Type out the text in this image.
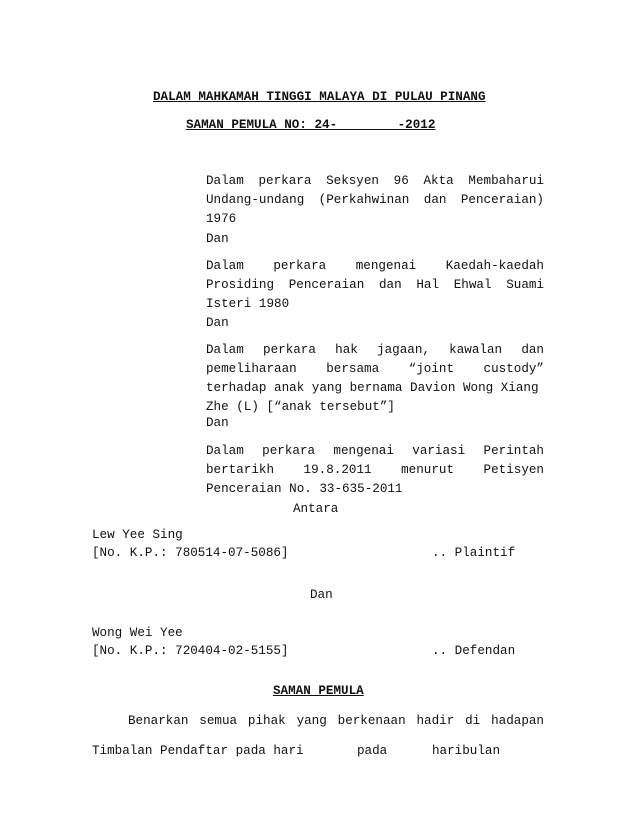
DALAM MAHKAMAH TINGGI MALAYA DI PULAU PINANG
SAMAN PEMULA NO: 24-________-2012
Dalam perkara Seksyen 96 Akta Membaharui
Undang-undang (Perkahwinan dan Penceraian)
1976
Dan
Dalam perkara mengenai Kaedah-kaedah
Prosiding Penceraian dan Hal Ehwal Suami
Isteri 1980
Dan
Dalam perkara hak jagaan, kawalan dan
pemeliharaan bersama “joint custody”
terhadap anak yang bernama Davion Wong Xiang
Zhe (L) [“anak tersebut”]
Dan
Dalam perkara mengenai variasi Perintah
bertarikh 19.8.2011 menurut Petisyen
Penceraian No. 33-635-2011
Antara
Lew Yee Sing
[No. K.P.: 780514-07-5086]	.. Plaintif
Dan
Wong Wei Yee
[No. K.P.: 720404-02-5155]	.. Defendan
SAMAN PEMULA
Benarkan semua pihak yang berkenaan hadir di hadapan
Timbalan Pendaftar pada hari	pada	haribulan
